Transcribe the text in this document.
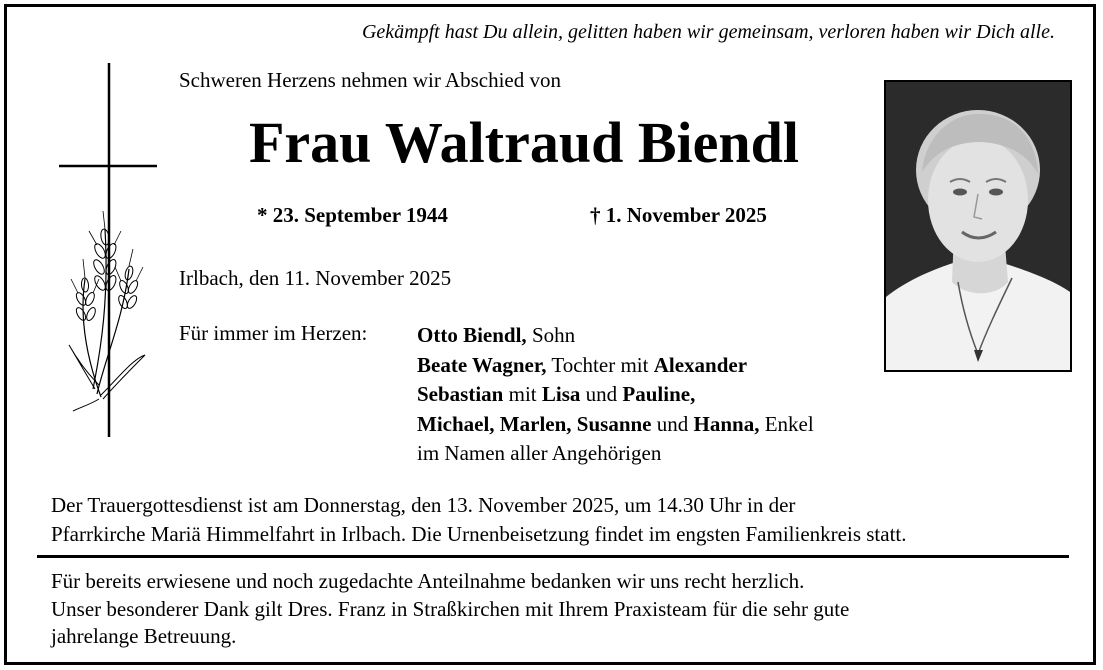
Gekämpft hast Du allein, gelitten haben wir gemeinsam, verloren haben wir Dich alle.
Schweren Herzens nehmen wir Abschied von
Frau Waltraud Biendl
* 23. September 1944	† 1. November 2025
Irlbach, den 11. November 2025
Für immer im Herzen: Otto Biendl, Sohn
Beate Wagner, Tochter mit Alexander
Sebastian mit Lisa und Pauline,
Michael, Marlen, Susanne und Hanna, Enkel
im Namen aller Angehörigen
Der Trauergottesdienst ist am Donnerstag, den 13. November 2025, um 14.30 Uhr in der
Pfarrkirche Mariä Himmelfahrt in Irlbach. Die Urnenbeisetzung findet im engsten Familienkreis statt.
Für bereits erwiesene und noch zugedachte Anteilnahme bedanken wir uns recht herzlich.
Unser besonderer Dank gilt Dres. Franz in Straßkirchen mit Ihrem Praxisteam für die sehr gute
jahrelange Betreuung.
